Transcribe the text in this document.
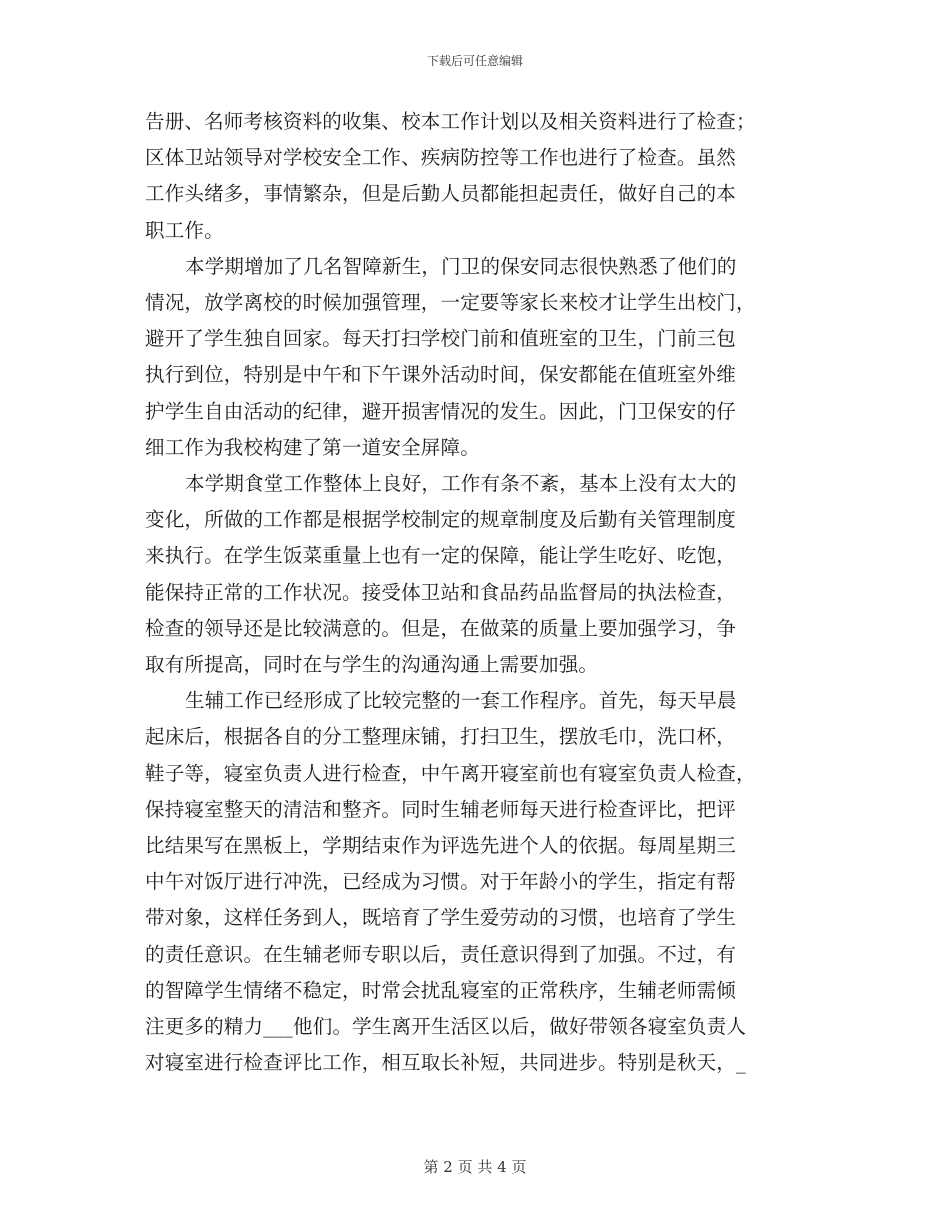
下载后可任意编辑

告册、名师考核资料的收集、校本工作计划以及相关资料进行了检查；
区体卫站领导对学校安全工作、疾病防控等工作也进行了检查。虽然
工作头绪多，事情繁杂，但是后勤人员都能担起责任，做好自己的本
职工作。

本学期增加了几名智障新生，门卫的保安同志很快熟悉了他们的
情况，放学离校的时候加强管理，一定要等家长来校才让学生出校门，
避开了学生独自回家。每天打扫学校门前和值班室的卫生，门前三包
执行到位，特别是中午和下午课外活动时间，保安都能在值班室外维
护学生自由活动的纪律，避开损害情况的发生。因此，门卫保安的仔
细工作为我校构建了第一道安全屏障。

本学期食堂工作整体上良好，工作有条不紊，基本上没有太大的
变化，所做的工作都是根据学校制定的规章制度及后勤有关管理制度
来执行。在学生饭菜重量上也有一定的保障，能让学生吃好、吃饱，
能保持正常的工作状况。接受体卫站和食品药品监督局的执法检查，
检查的领导还是比较满意的。但是，在做菜的质量上要加强学习，争
取有所提高，同时在与学生的沟通沟通上需要加强。

生辅工作已经形成了比较完整的一套工作程序。首先，每天早晨
起床后，根据各自的分工整理床铺，打扫卫生，摆放毛巾，洗口杯，
鞋子等，寝室负责人进行检查，中午离开寝室前也有寝室负责人检查，
保持寝室整天的清洁和整齐。同时生辅老师每天进行检查评比，把评
比结果写在黑板上，学期结束作为评选先进个人的依据。每周星期三
中午对饭厅进行冲洗，已经成为习惯。对于年龄小的学生，指定有帮
带对象，这样任务到人，既培育了学生爱劳动的习惯，也培育了学生
的责任意识。在生辅老师专职以后，责任意识得到了加强。不过，有
的智障学生情绪不稳定，时常会扰乱寝室的正常秩序，生辅老师需倾
注更多的精力___他们。学生离开生活区以后，做好带领各寝室负责人
对寝室进行检查评比工作，相互取长补短，共同进步。特别是秋天，_

第 2 页 共 4 页
